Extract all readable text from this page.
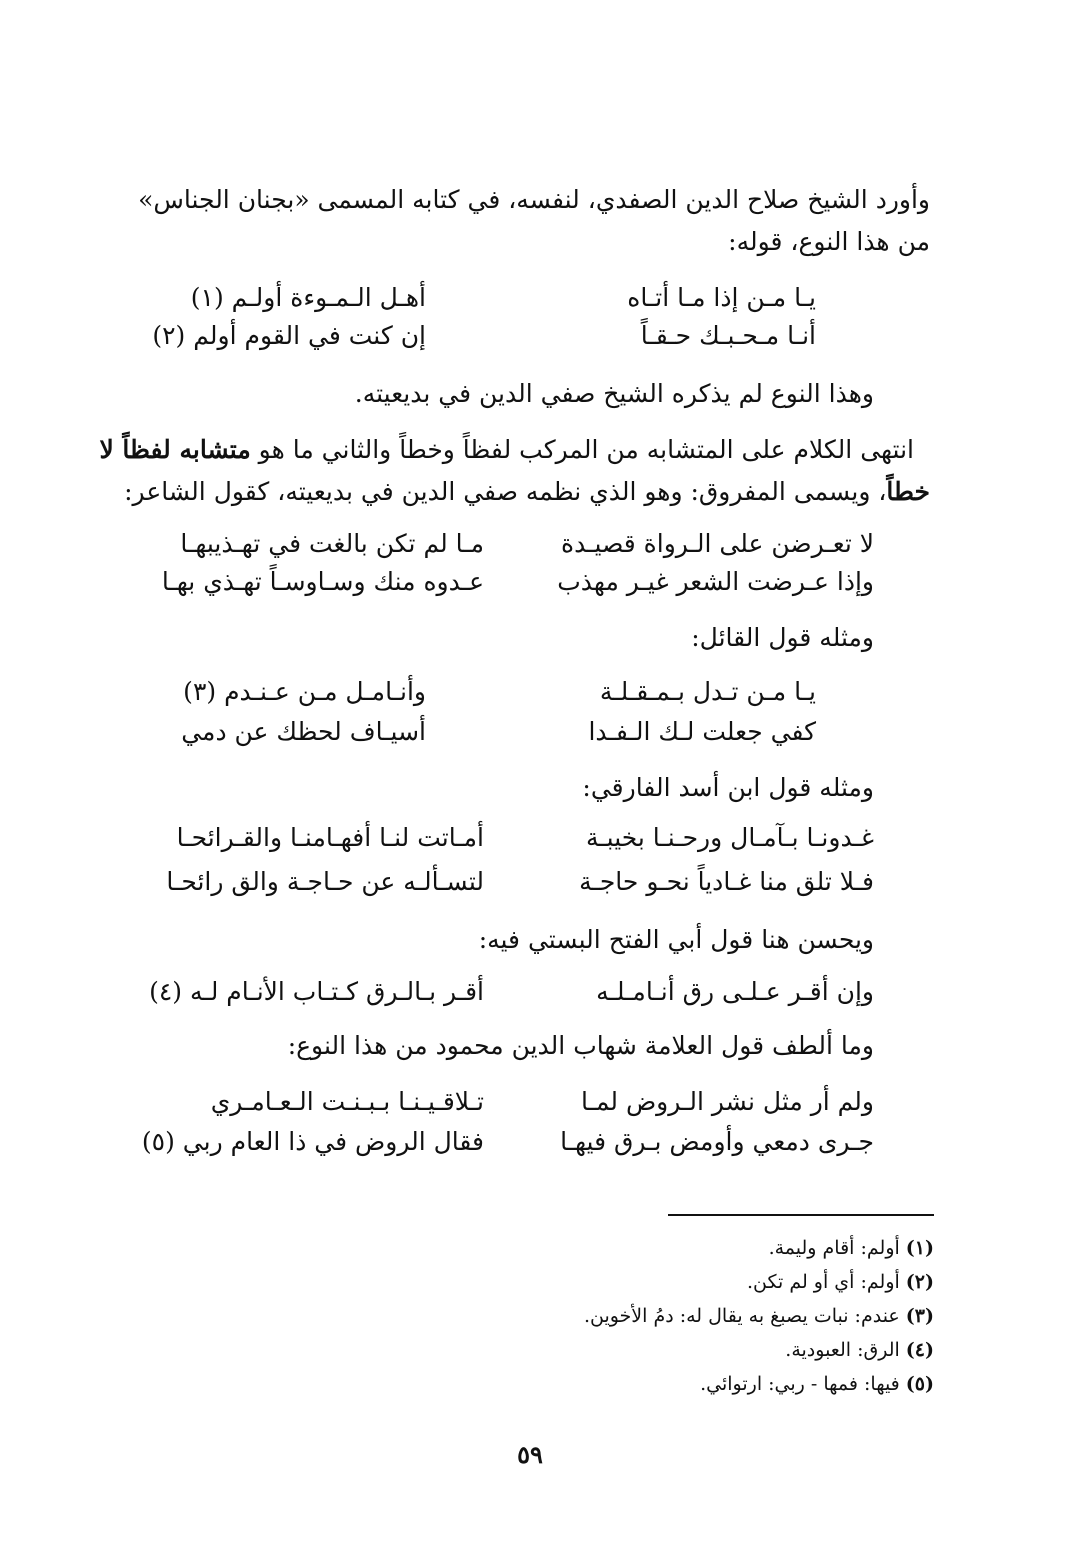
وأورد الشيخ صلاح الدين الصفدي، لنفسه، في كتابه المسمى «بجنان الجناس»
من هذا النوع، قوله:
يـا مـن إذا مـا أتـاه
أهـل الـمـوءة أولـم (١)
أنـا مـحـبـك حـقـاً
إن كنت في القوم أولم (٢)
وهذا النوع لم يذكره الشيخ صفي الدين في بديعيته.
انتهى الكلام على المتشابه من المركب لفظاً وخطاً والثاني ما هو متشابه لفظاً لا
خطاً، ويسمى المفروق: وهو الذي نظمه صفي الدين في بديعيته، كقول الشاعر:
لا تعـرضن على الـرواة قصيـدة
مـا لم تكن بالغت في تهـذيبهـا
وإذا عـرضت الشعر غيـر مهذب
عـدوه منك وسـاوسـاً تهـذي بهـا
ومثله قول القائل:
يـا مـن تـدل بـمـقـلـة
وأنـامـل مـن عـنـدم (٣)
كفي جعلت لـك الـفـدا
أسيـاف لحظك عن دمي
ومثله قول ابن أسد الفارقي:
غـدونـا بـآمـال ورحـنـا بخيبـة
أمـاتت لنـا أفهـامنـا والقـرائحـا
فـلا تلق منا غـادياً نحـو حاجـة
لتسـألـه عن حـاجـة والق رائحـا
ويحسن هنا قول أبي الفتح البستي فيه:
وإن أقـر عـلـى رق أنـامـلـه
أقـر بـالـرق كـتـاب الأنـام لـه (٤)
وما ألطف قول العلامة شهاب الدين محمود من هذا النوع:
ولم أر مثل نشر الـروض لمـا
تـلاقـيـنـا بـبـنـت الـعـامـري
جـرى دمعي وأومض بـرق فيهـا
فقال الروض في ذا العام ربي (٥)
(١)أولم: أقام وليمة.
(٢)أولم: أي أو لم تكن.
(٣)عندم: نبات يصبغ به يقال له: دمُ الأخوين.
(٤)الرق: العبودية.
(٥)فيها: فمها - ربي: ارتوائي.
٥٩
